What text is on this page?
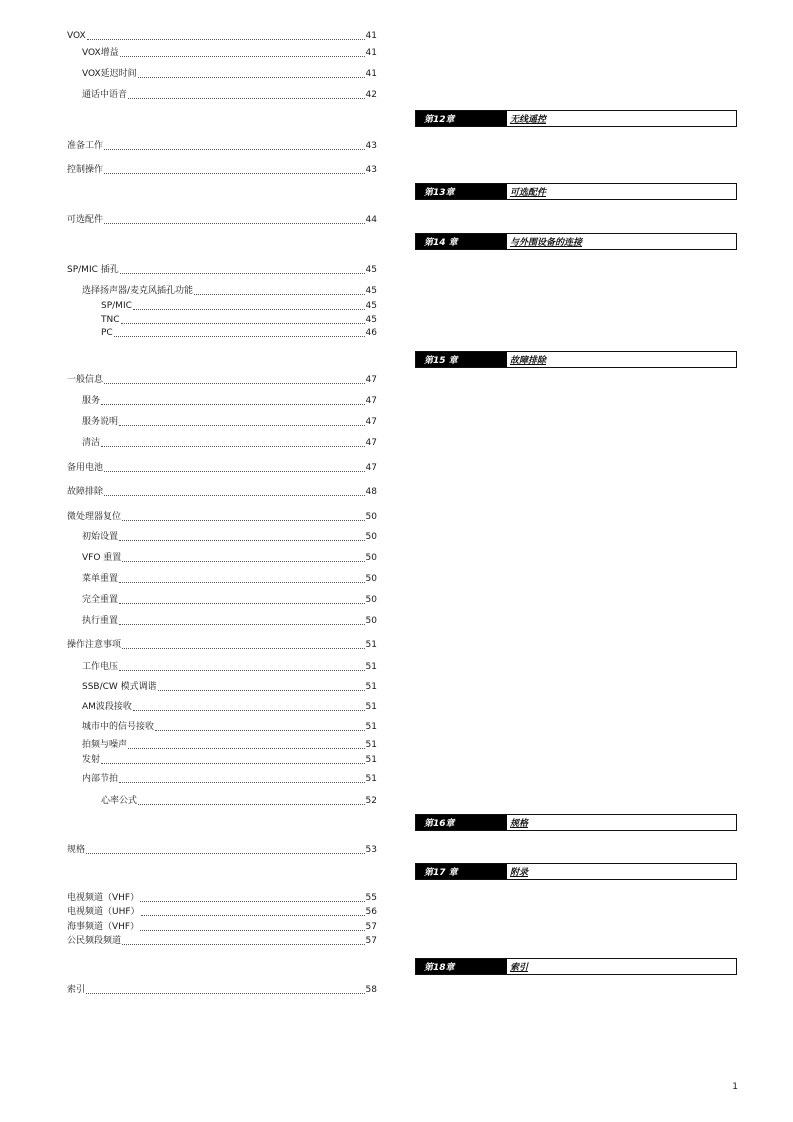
VOX	41
VOX增益	41
VOX延迟时间	41
通话中语音	42
准备工作	43
控制操作	43
可选配件	44
SP/MIC 插孔	45
选择扬声器/麦克风插孔功能	45
SP/MIC	45
TNC	45
PC	46
一般信息	47
服务	47
服务说明	47
清洁	47
备用电池	47
故障排除	48
微处理器复位	50
初始设置	50
VFO 重置	50
菜单重置	50
完全重置	50
执行重置	50
操作注意事项	51
工作电压	51
SSB/CW 模式调谐	51
AM波段接收	51
城市中的信号接收	51
拍频与噪声	51
发射	51
内部节拍	51
心率公式	52
规格	53
电视频道（VHF）	55
电视频道（UHF）	56
海事频道（VHF）	57
公民频段频道	57
索引	58
第12章	无线遥控
第13章	可选配件
第14 章	与外围设备的连接
第15 章	故障排除
第16章	规格
第17 章	附录
第18章	索引
1
